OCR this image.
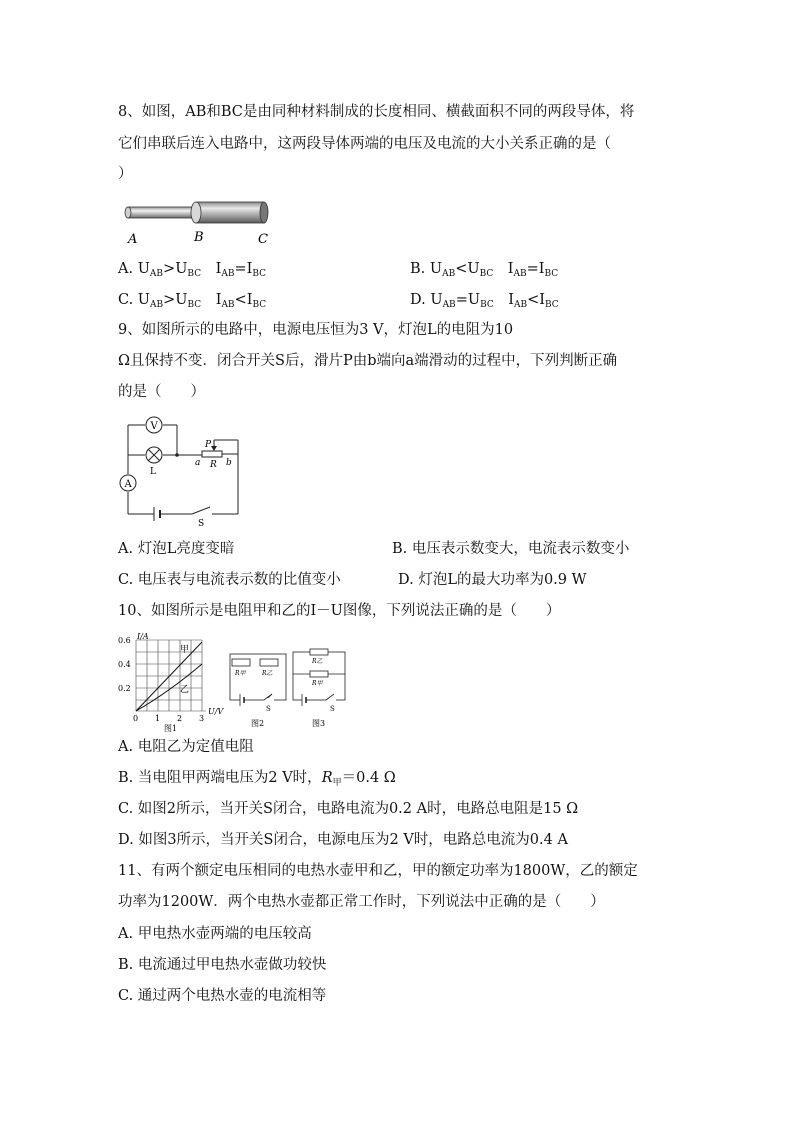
8、如图，AB和BC是由同种材料制成的长度相同、横截面积不同的两段导体，将
它们串联后连入电路中，这两段导体两端的电压及电流的大小关系正确的是（
）
A	B	C
A. $U_{AB}>U_{BC}$　$I_{AB}=I_{BC}$	B. $U_{AB}<U_{BC}$　$I_{AB}=I_{BC}$
C. $U_{AB}>U_{BC}$　$I_{AB}<I_{BC}$	D. $U_{AB}=U_{BC}$　$I_{AB}<I_{BC}$
9、如图所示的电路中，电源电压恒为3 V，灯泡L的电阻为10
Ω且保持不变．闭合开关S后，滑片P由b端向a端滑动的过程中，下列判断正确
的是（　　）
V
L
A
P
a R b
S
A. 灯泡L亮度变暗	B. 电压表示数变大，电流表示数变小
C. 电压表与电流表示数的比值变小	D. 灯泡L的最大功率为0.9 W
10、如图所示是电阻甲和乙的I－U图像，下列说法正确的是（　　）
I/A
U/V
0.6
0.4
0.2
0 1 2 3
甲
乙
图1
R甲	R乙
S
图2
R乙
R甲
S
图3
A. 电阻乙为定值电阻
B. 当电阻甲两端电压为2 V时，$R_甲=0.4$ Ω
C. 如图2所示，当开关S闭合，电路电流为0.2 A时，电路总电阻是15 Ω
D. 如图3所示，当开关S闭合，电源电压为2 V时，电路总电流为0.4 A
11、有两个额定电压相同的电热水壶甲和乙，甲的额定功率为1800W，乙的额定
功率为1200W．两个电热水壶都正常工作时，下列说法中正确的是（　　）
A. 甲电热水壶两端的电压较高
B. 电流通过甲电热水壶做功较快
C. 通过两个电热水壶的电流相等
